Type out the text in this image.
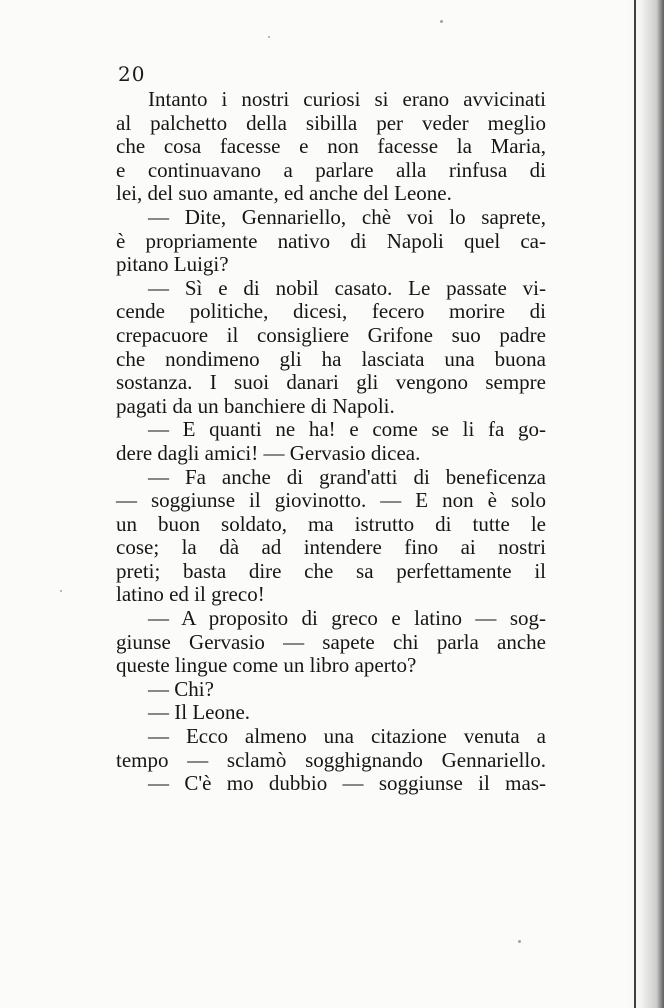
20
Intanto i nostri curiosi si erano avvicinati
al palchetto della sibilla per veder meglio
che cosa facesse e non facesse la Maria,
e continuavano a parlare alla rinfusa di
lei, del suo amante, ed anche del Leone.
— Dite, Gennariello, chè voi lo saprete,
è propriamente nativo di Napoli quel ca-
pitano Luigi?
— Sì e di nobil casato. Le passate vi-
cende politiche, dicesi, fecero morire di
crepacuore il consigliere Grifone suo padre
che nondimeno gli ha lasciata una buona
sostanza. I suoi danari gli vengono sempre
pagati da un banchiere di Napoli.
— E quanti ne ha! e come se li fa go-
dere dagli amici! — Gervasio dicea.
— Fa anche di grand'atti di beneficenza
— soggiunse il giovinotto. — E non è solo
un buon soldato, ma istrutto di tutte le
cose; la dà ad intendere fino ai nostri
preti; basta dire che sa perfettamente il
latino ed il greco!
— A proposito di greco e latino — sog-
giunse Gervasio — sapete chi parla anche
queste lingue come un libro aperto?
— Chi?
— Il Leone.
— Ecco almeno una citazione venuta a
tempo — sclamò sogghignando Gennariello.
— C'è mo dubbio — soggiunse il mas-
